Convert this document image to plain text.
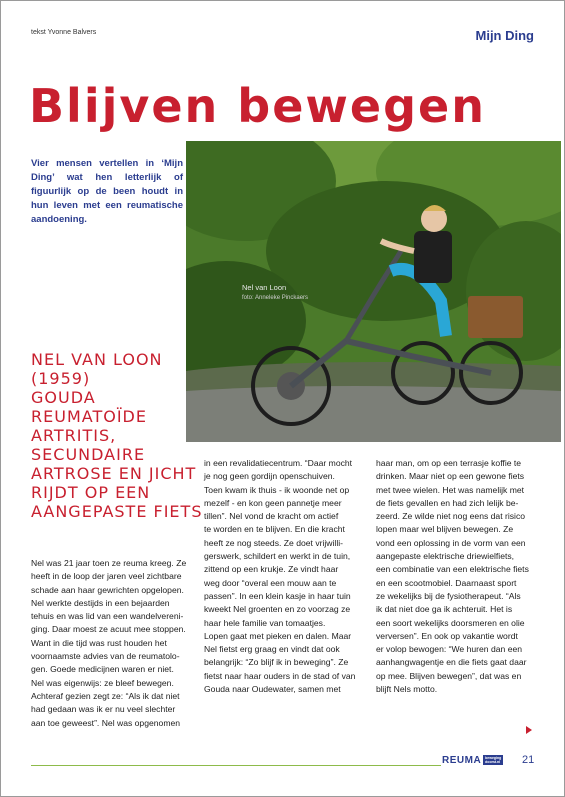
tekst Yvonne Balvers	Mijn Ding
Blijven bewegen
Vier mensen vertellen in ‘Mijn Ding’ wat hen letterlijk of figuurlijk op de been houdt in hun leven met een reumatische aandoening.
Nel van Loon
foto: Anneleke Pinckaers
NEL VAN LOON
(1959)
GOUDA
REUMATOÏDE
ARTRITIS,
SECUNDAIRE
ARTROSE EN JICHT
RIJDT OP EEN
AANGEPASTE FIETS
Nel was 21 jaar toen ze reuma kreeg. Ze
heeft in de loop der jaren veel zichtbare
schade aan haar gewrichten opgelopen.
Nel werkte destijds in een bejaarden
tehuis en was lid van een wandelvereni-
ging. Daar moest ze acuut mee stoppen.
Want in die tijd was rust houden het
voornaamste advies van de reumatolo-
gen. Goede medicijnen waren er niet.
Nel was eigenwijs: ze bleef bewegen.
Achteraf gezien zegt ze: “Als ik dat niet
had gedaan was ik er nu veel slechter
aan toe geweest”. Nel was opgenomen
in een revalidatiecentrum. “Daar mocht
je nog geen gordijn openschuiven.
Toen kwam ik thuis - ik woonde net op
mezelf - en kon geen pannetje meer
tillen”. Nel vond de kracht om actief
te worden en te blijven. En die kracht
heeft ze nog steeds. Ze doet vrijwilli-
gerswerk, schildert en werkt in de tuin,
zittend op een krukje. Ze vindt haar
weg door “overal een mouw aan te
passen”. In een klein kasje in haar tuin
kweekt Nel groenten en zo voorzag ze
haar hele familie van tomaatjes.
Lopen gaat met pieken en dalen. Maar
Nel fietst erg graag en vindt dat ook
belangrijk: “Zo blijf ik in beweging”. Ze
fietst naar haar ouders in de stad of van
Gouda naar Oudewater, samen met
haar man, om op een terrasje koffie te
drinken. Maar niet op een gewone fiets
met twee wielen. Het was namelijk met
de fiets gevallen en had zich lelijk be-
zeerd. Ze wilde niet nog eens dat risico
lopen maar wel blijven bewegen. Ze
vond een oplossing in de vorm van een
aangepaste elektrische driewielfiets,
een combinatie van een elektrische fiets
en een scootmobiel. Daarnaast sport
ze wekelijks bij de fysiotherapeut. “Als
ik dat niet doe ga ik achteruit. Het is
een soort wekelijks doorsmeren en olie
verversen”. En ook op vakantie wordt
er volop bewogen: “We huren dan een
aanhangwagentje en die fiets gaat daar
op mee. Blijven bewegen”, dat was en
blijft Nels motto.
REUMA beweging
doorst.nl 21
